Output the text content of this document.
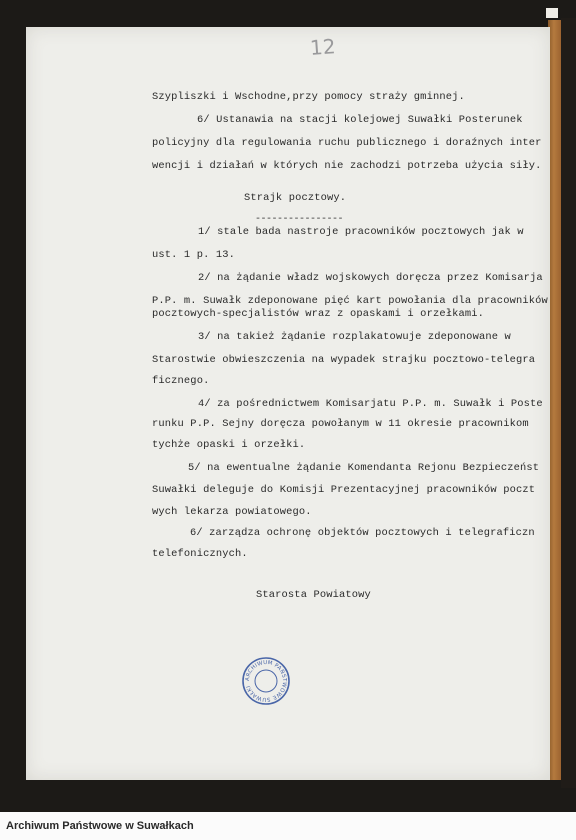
12
Szypliszki i Wschodne,przy pomocy straży gminnej.
6/ Ustanawia na stacji kolejowej Suwałki Posterunek
policyjny dla regulowania ruchu publicznego i doraźnych inter
wencji i działań w których nie zachodzi potrzeba użycia siły.
Strajk pocztowy.
----------------
1/ stale bada nastroje pracowników pocztowych jak w
ust. 1 p. 13.
2/ na żądanie władz wojskowych doręcza przez Komisarja
P.P. m. Suwałk zdeponowane pięć kart powołania dla pracowników
pocztowych-specjalistów wraz z opaskami i orzełkami.
3/ na takież żądanie rozplakatowuje zdeponowane w
Starostwie obwieszczenia na wypadek strajku pocztowo-telegra
ficznego.
4/ za pośrednictwem Komisarjatu P.P. m. Suwałk i Poste
runku P.P. Sejny doręcza powołanym w 11 okresie pracownikom
tychże opaski i orzełki.
5/ na ewentualne żądanie Komendanta Rejonu Bezpieczeńst
Suwałki deleguje do Komisji Prezentacyjnej pracowników poczt
wych lekarza powiatowego.
6/ zarządza ochronę objektów pocztowych i telegraficzn
telefonicznych.
Starosta Powiatowy
ARCHIWUM PAŃSTWOWE SUWAŁKI
Archiwum Państwowe w Suwałkach
